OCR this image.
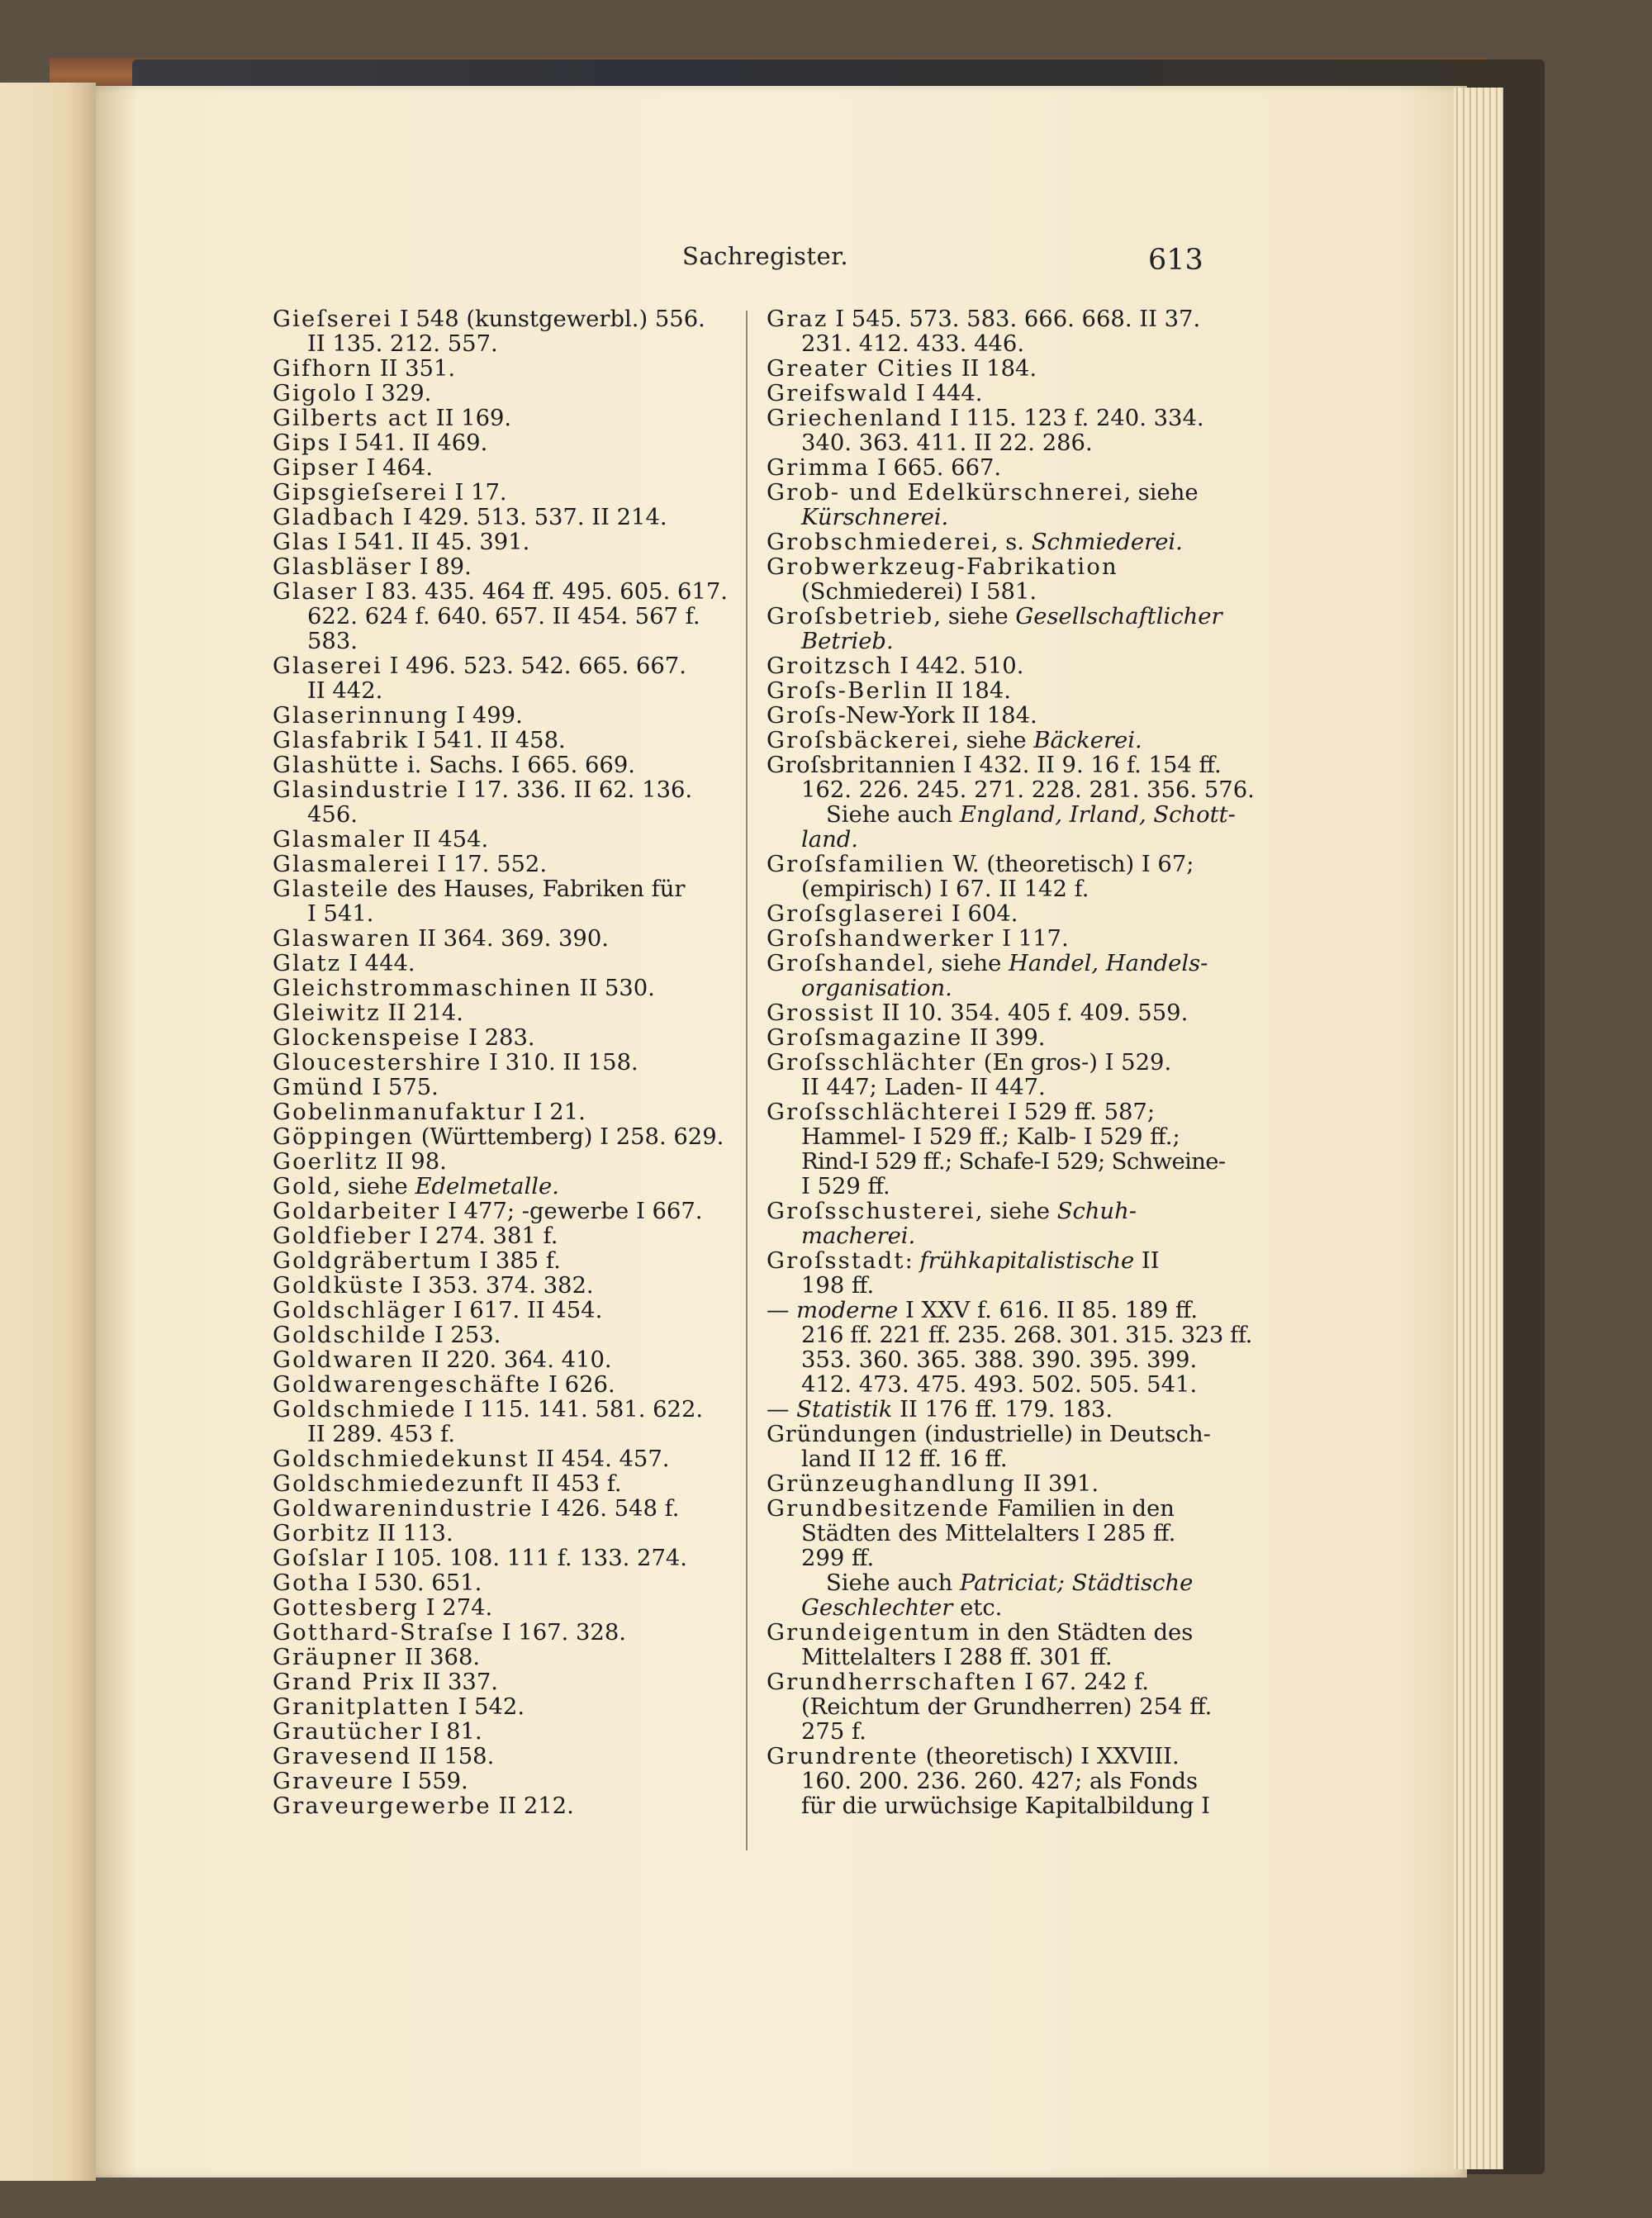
Sachregister.	613

Gieſserei I 548 (kunstgewerbl.) 556.

II 135. 212. 557.

Gifhorn II 351.

Gigolo I 329.

Gilberts act II 169.

Gips I 541. II 469.

Gipser I 464.

Gipsgieſserei I 17.

Gladbach I 429. 513. 537. II 214.

Glas I 541. II 45. 391.

Glasbläser I 89.

Glaser I 83. 435. 464 ff. 495. 605. 617.

622. 624 f. 640. 657. II 454. 567 f.

583.

Glaserei I 496. 523. 542. 665. 667.

II 442.

Glaserinnung I 499.

Glasfabrik I 541. II 458.

Glashütte i. Sachs. I 665. 669.

Glasindustrie I 17. 336. II 62. 136.

456.

Glasmaler II 454.

Glasmalerei I 17. 552.

Glasteile des Hauses, Fabriken für

I 541.

Glaswaren II 364. 369. 390.

Glatz I 444.

Gleichstrommaschinen II 530.

Gleiwitz II 214.

Glockenspeise I 283.

Gloucestershire I 310. II 158.

Gmünd I 575.

Gobelinmanufaktur I 21.

Göppingen (Württemberg) I 258. 629.

Goerlitz II 98.

Gold, siehe Edelmetalle.

Goldarbeiter I 477; -gewerbe I 667.

Goldfieber I 274. 381 f.

Goldgräbertum I 385 f.

Goldküste I 353. 374. 382.

Goldschläger I 617. II 454.

Goldschilde I 253.

Goldwaren II 220. 364. 410.

Goldwarengeschäfte I 626.

Goldschmiede I 115. 141. 581. 622.

II 289. 453 f.

Goldschmiedekunst II 454. 457.

Goldschmiedezunft II 453 f.

Goldwarenindustrie I 426. 548 f.

Gorbitz II 113.

Goſslar I 105. 108. 111 f. 133. 274.

Gotha I 530. 651.

Gottesberg I 274.

Gotthard-Straſse I 167. 328.

Gräupner II 368.

Grand Prix II 337.

Granitplatten I 542.

Grautücher I 81.

Gravesend II 158.

Graveure I 559.

Graveurgewerbe II 212.

Graz I 545. 573. 583. 666. 668. II 37.

231. 412. 433. 446.

Greater Cities II 184.

Greifswald I 444.

Griechenland I 115. 123 f. 240. 334.

340. 363. 411. II 22. 286.

Grimma I 665. 667.

Grob- und Edelkürschnerei, siehe

Kürschnerei.

Grobschmiederei, s. Schmiederei.

Grobwerkzeug-Fabrikation

(Schmiederei) I 581.

Groſsbetrieb, siehe Gesellschaftlicher

Betrieb.

Groitzsch I 442. 510.

Groſs-Berlin II 184.

Groſs-New-York II 184.

Groſsbäckerei, siehe Bäckerei.

Groſsbritannien I 432. II 9. 16 f. 154 ff.

162. 226. 245. 271. 228. 281. 356. 576.

Siehe auch England, Irland, Schott-

land.

Groſsfamilien W. (theoretisch) I 67;

(empirisch) I 67. II 142 f.

Groſsglaserei I 604.

Groſshandwerker I 117.

Groſshandel, siehe Handel, Handels-

organisation.

Grossist II 10. 354. 405 f. 409. 559.

Groſsmagazine II 399.

Groſsschlächter (En gros-) I 529.

II 447; Laden- II 447.

Groſsschlächterei I 529 ff. 587;

Hammel- I 529 ff.; Kalb- I 529 ff.;

Rind-I 529 ff.; Schafe-I 529; Schweine-

I 529 ff.

Groſsschusterei, siehe Schuh-

macherei.

Groſsstadt: frühkapitalistische II

198 ff.

— moderne I XXV f. 616. II 85. 189 ff.

216 ff. 221 ff. 235. 268. 301. 315. 323 ff.

353. 360. 365. 388. 390. 395. 399.

412. 473. 475. 493. 502. 505. 541.

— Statistik II 176 ff. 179. 183.

Gründungen (industrielle) in Deutsch-

land II 12 ff. 16 ff.

Grünzeughandlung II 391.

Grundbesitzende Familien in den

Städten des Mittelalters I 285 ff.

299 ff.

Siehe auch Patriciat; Städtische

Geschlechter etc.

Grundeigentum in den Städten des

Mittelalters I 288 ff. 301 ff.

Grundherrschaften I 67. 242 f.

(Reichtum der Grundherren) 254 ff.

275 f.

Grundrente (theoretisch) I XXVIII.

160. 200. 236. 260. 427; als Fonds

für die urwüchsige Kapitalbildung I
